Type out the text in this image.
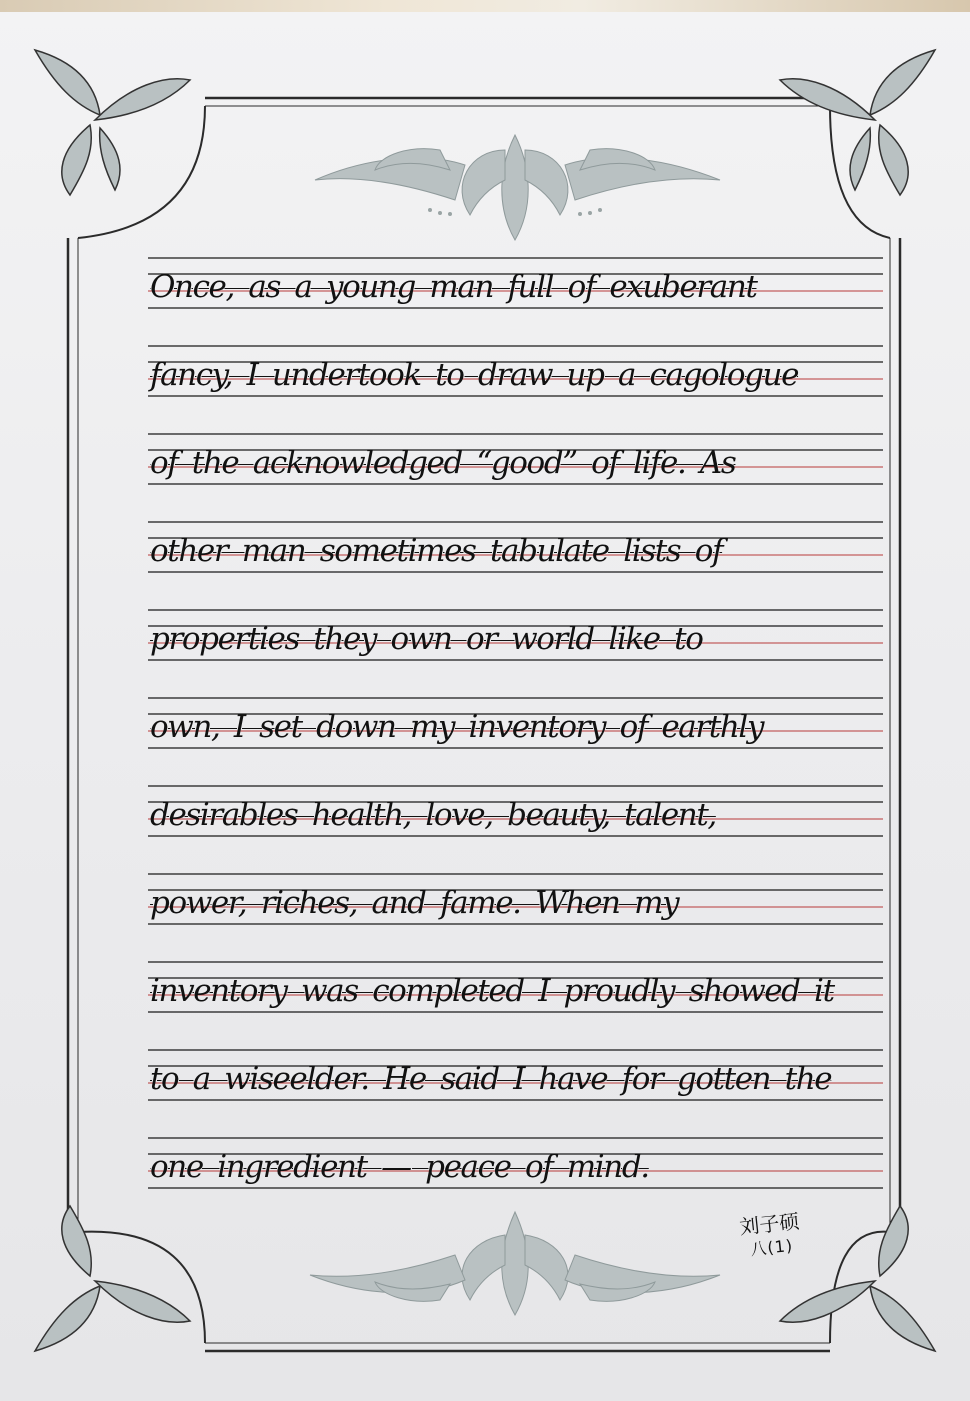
Once, as a young man full of exuberant
fancy, I undertook to draw up a cagologue
of the acknowledged “good” of life. As
other man sometimes tabulate lists of
properties they own or world like to
own, I set down my inventory of earthly
desirables health, love, beauty, talent,
power, riches, and fame. When my
inventory was completed I proudly showed it
to a wiseelder. He said I have for gotten the
one ingredient — peace of mind.
刘子硕
八(1)
